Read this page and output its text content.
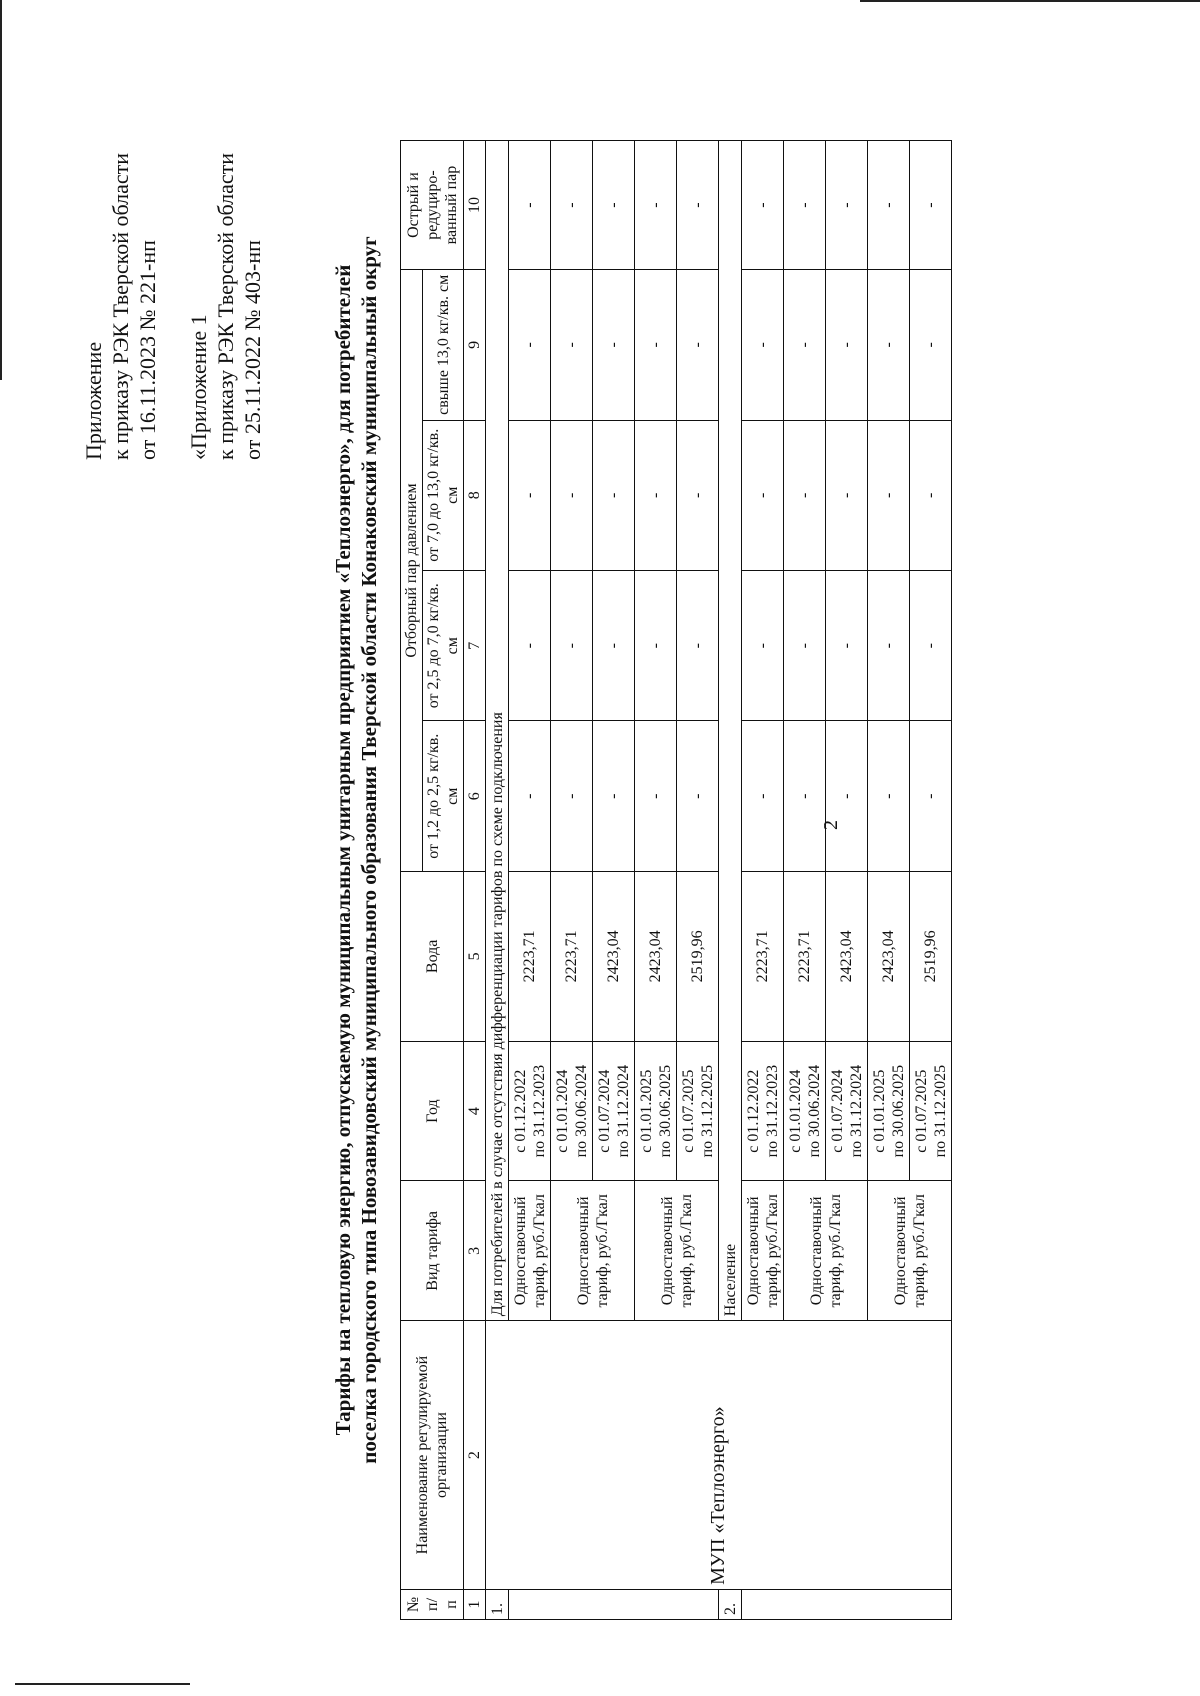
2
Приложение к приказу РЭК Тверской области от 16.11.2023 № 221-нп «Приложение 1 к приказу РЭК Тверской области от 25.11.2022 № 403-нп	Тарифы на тепловую энергию, отпускаемую муниципальным унитарным предприятием «Теплоэнерго», для потребителей поселка городского типа Новозавидовский муниципального образования Тверской области Конаковский муниципальный округ
№ п/п	Наименование регулируемой организации	Вид тарифа	Год	Вода	Отборный пар давлением				Острый и редуциро-ванный пар
					от 1,2 до 2,5 кг/кв. см	от 2,5 до 7,0 кг/кв. см	от 7,0 до 13,0 кг/кв. см	свыше 13,0 кг/кв. см	
1	2	3	4	5	6	7	8	9	10
1.	МУП «Теплоэнерго»	Для потребителей в случае отсутствия дифференциации тарифов по схеме подключения							
		Одноставочный тариф, руб./Гкал	с 01.12.2022 по 31.12.2023	2223,71	-	-	-	-	-
		Одноставочный тариф, руб./Гкал	с 01.01.2024 по 30.06.2024	2223,71	-	-	-	-	-
			с 01.07.2024 по 31.12.2024	2423,04	-	-	-	-	-
		Одноставочный тариф, руб./Гкал	с 01.01.2025 по 30.06.2025	2423,04	-	-	-	-	-
			с 01.07.2025 по 31.12.2025	2519,96	-	-	-	-	-
2.		Население							
		Одноставочный тариф, руб./Гкал	с 01.12.2022 по 31.12.2023	2223,71	-	-	-	-	-
		Одноставочный тариф, руб./Гкал	с 01.01.2024 по 30.06.2024	2223,71	-	-	-	-	-
			с 01.07.2024 по 31.12.2024	2423,04	-	-	-	-	-
		Одноставочный тариф, руб./Гкал	с 01.01.2025 по 30.06.2025	2423,04	-	-	-	-	-
			с 01.07.2025 по 31.12.2025	2519,96	-	-	-	-	-
